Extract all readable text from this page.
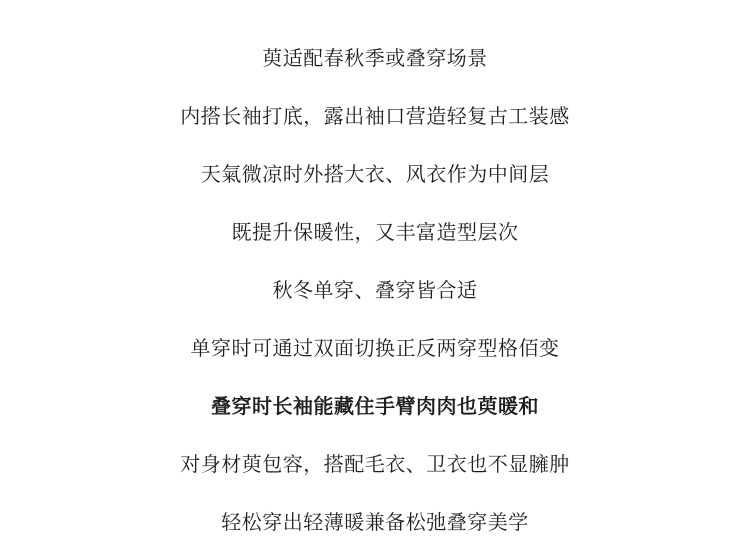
萸适配春秋季或叠穿场景
内搭长袖打底，露出袖口营造轻复古工装感
天氣微凉时外搭大衣、风衣作为中间层
既提升保暖性，又丰富造型层次
秋冬单穿、叠穿皆合适
单穿时可通过双面切换正反两穿型格佰变
叠穿时长袖能藏住手臂肉肉也萸暖和
对身材萸包容，搭配毛衣、卫衣也不显臃肿
轻松穿出轻薄暖兼备松弛叠穿美学
